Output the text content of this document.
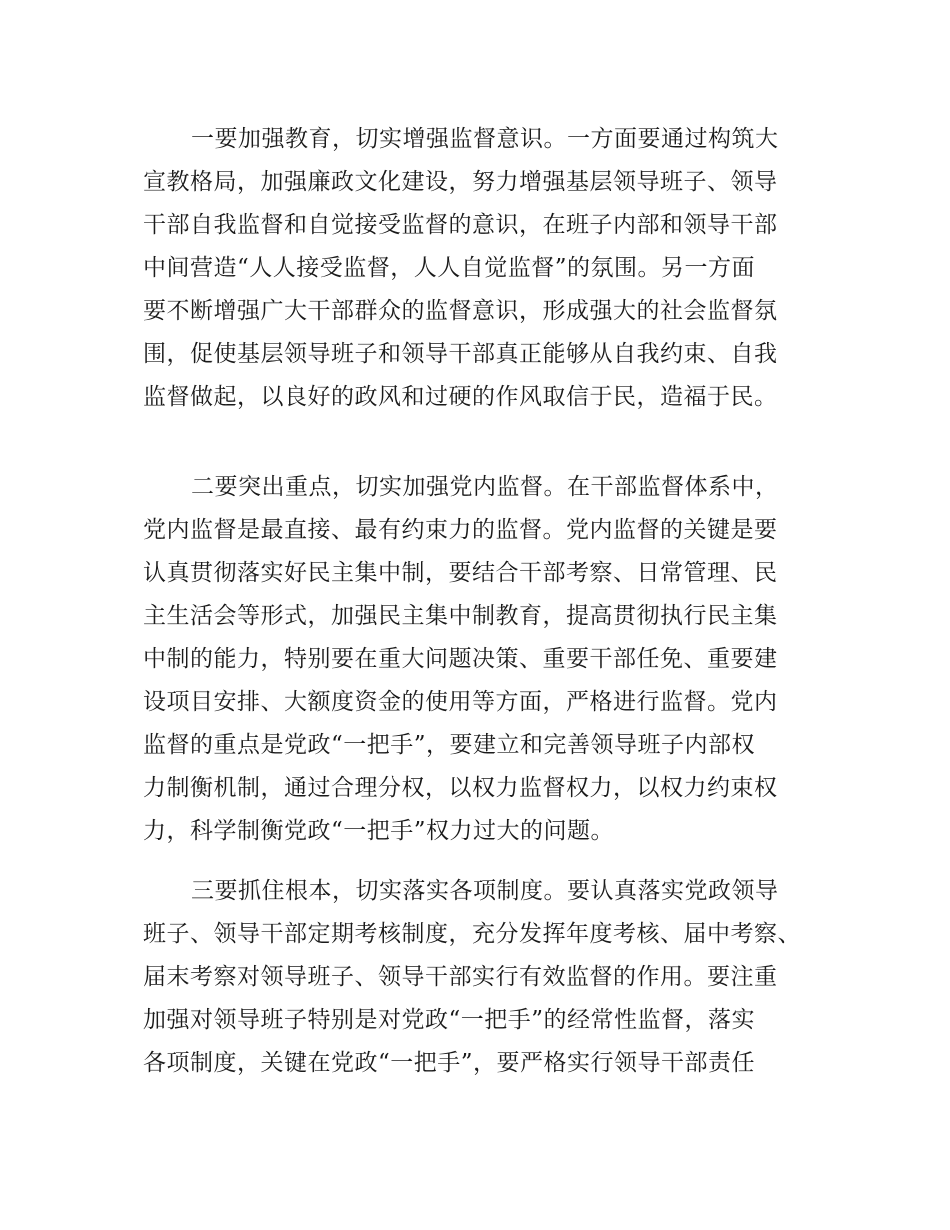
一要加强教育，切实增强监督意识。一方面要通过构筑大
宣教格局，加强廉政文化建设，努力增强基层领导班子、领导
干部自我监督和自觉接受监督的意识，在班子内部和领导干部
中间营造“人人接受监督，人人自觉监督”的氛围。另一方面
要不断增强广大干部群众的监督意识，形成强大的社会监督氛
围，促使基层领导班子和领导干部真正能够从自我约束、自我
监督做起，以良好的政风和过硬的作风取信于民，造福于民。
二要突出重点，切实加强党内监督。在干部监督体系中，
党内监督是最直接、最有约束力的监督。党内监督的关键是要
认真贯彻落实好民主集中制，要结合干部考察、日常管理、民
主生活会等形式，加强民主集中制教育，提高贯彻执行民主集
中制的能力，特别要在重大问题决策、重要干部任免、重要建
设项目安排、大额度资金的使用等方面，严格进行监督。党内
监督的重点是党政“一把手”，要建立和完善领导班子内部权
力制衡机制，通过合理分权，以权力监督权力，以权力约束权
力，科学制衡党政“一把手”权力过大的问题。
三要抓住根本，切实落实各项制度。要认真落实党政领导
班子、领导干部定期考核制度，充分发挥年度考核、届中考察、
届末考察对领导班子、领导干部实行有效监督的作用。要注重
加强对领导班子特别是对党政“一把手”的经常性监督，落实
各项制度，关键在党政“一把手”，要严格实行领导干部责任
